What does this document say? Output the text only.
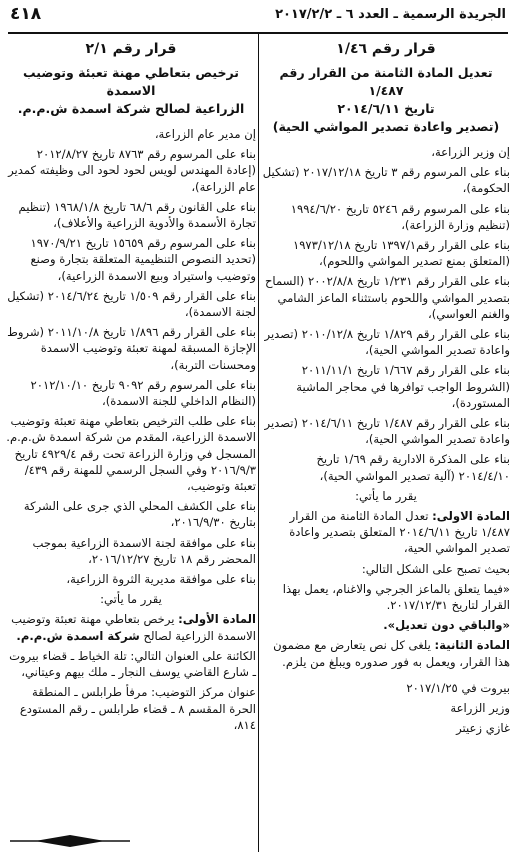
٤١٨	الجريدة الرسمية ـ العدد ٦ ـ ٢٠١٧/٢/٢
قرار رقم ١/٤٦
تعديل المادة الثامنة من القرار رقم ١/٤٨٧
تاريخ ٢٠١٤/٦/١١
(تصدير واعادة تصدير المواشي الحية)

إن وزير الزراعة،

بناء على المرسوم رقم ٣ تاريخ ٢٠١٧/١٢/١٨ (تشكيل الحكومة)،

بناء على المرسوم رقم ٥٢٤٦ تاريخ ١٩٩٤/٦/٢٠ (تنظيم وزارة الزراعة)،

بناء على القرار رقم١٣٩٧/١ تاريخ ١٩٧٣/١٢/١٨ (المتعلق بمنع تصدير المواشي واللحوم)،

بناء على القرار رقم ١/٢٣١ تاريخ ٢٠٠٢/٨/٨ (السماح بتصدير المواشي واللحوم باستثناء الماعز الشامي والغنم العواسي)،

بناء على القرار رقم ١/٨٢٩ تاريخ ٢٠١٠/١٢/٨ (تصدير واعادة تصدير المواشي الحية)،

بناء على القرار رقم ١/٦٦٧ تاريخ ٢٠١١/١١/١ (الشروط الواجب توافرها في محاجر الماشية المستوردة)،

بناء على القرار رقم ١/٤٨٧ تاريخ ٢٠١٤/٦/١١ (تصدير واعادة تصدير المواشي الحية)،

بناء على المذكرة الادارية رقم ١/٦٩ تاريخ ٢٠١٤/٤/١٠ (آلية تصدير المواشي الحية)،

يقرر ما يأتي:

المادة الاولى: تعدل المادة الثامنة من القرار ١/٤٨٧ تاريخ ٢٠١٤/٦/١١ المتعلق بتصدير واعادة تصدير المواشي الحية،

بحيث تصبح على الشكل التالي:

«فيما يتعلق بالماعز الجرجي والاغنام، يعمل بهذا القرار لتاريخ ٢٠١٧/١٢/٣١.

«والباقي دون تعديل».

المادة الثانية: يلغى كل نص يتعارض مع مضمون هذا القرار، ويعمل به فور صدوره ويبلغ من يلزم.

بيروت في ٢٠١٧/١/٢٥

وزير الزراعة

غازي زعيتر

قرار رقم ٢/١
ترخيص بتعاطي مهنة تعبئة وتوضيب الاسمدة
الزراعية لصالح شركة اسمدة ش.م.م.

إن مدير عام الزراعة،

بناء على المرسوم رقم ٨٧٦٣ تاريخ ٢٠١٢/٨/٢٧ (إعادة المهندس لويس لحود لحود الى وظيفته كمدير عام الزراعة)،

بناء على القانون رقم ٦٨/٦ تاريخ ١٩٦٨/١/٨ (تنظيم تجارة الأسمدة والأدوية الزراعية والأعلاف)،

بناء على المرسوم رقم ١٥٦٥٩ تاريخ ١٩٧٠/٩/٢١ (تحديد النصوص التنظيمية المتعلقة بتجارة وصنع وتوضيب واستيراد وبيع الاسمدة الزراعية)،

بناء على القرار رقم ١/٥٠٩ تاريخ ٢٠١٤/٦/٢٤ (تشكيل لجنة الاسمدة)،

بناء على القرار رقم ١/٨٩٦ تاريخ ٢٠١١/١٠/٨ (شروط الإجازة المسبقة لمهنة تعبئة وتوضيب الاسمدة ومحسنات التربة)،

بناء على المرسوم رقم ٩٠٩٢ تاريخ ٢٠١٢/١٠/١٠ (النظام الداخلي للجنة الاسمدة)،

بناء على طلب الترخيص بتعاطي مهنة تعبئة وتوضيب الاسمدة الزراعية، المقدم من شركة اسمدة ش.م.م. المسجل في وزارة الزراعة تحت رقم ٤٩٢٩/٤ تاريخ ٢٠١٦/٩/٣ وفي السجل الرسمي للمهنة رقم ٤٣٩/ تعبئة وتوضيب،

بناء على الكشف المحلي الذي جرى على الشركة بتاريخ ٢٠١٦/٩/٣٠،

بناء على موافقة لجنة الاسمدة الزراعية بموجب المحضر رقم ١٨ تاريخ ٢٠١٦/١٢/٢٧،

بناء على موافقة مديرية الثروة الزراعية،

يقرر ما يأتي:

المادة الأولى: يرخص بتعاطي مهنة تعبئة وتوضيب الاسمدة الزراعية لصالح شركة اسمدة ش.م.م.

الكائنة على العنوان التالي: تلة الخياط ـ قضاء بيروت ـ شارع القاضي يوسف النجار ـ ملك بيهم وعيتاني،

عنوان مركز التوضيب: مرفأ طرابلس ـ المنطقة الحرة المقسم ٨ ـ قضاء طرابلس ـ رقم المستودع ٨١٤،
